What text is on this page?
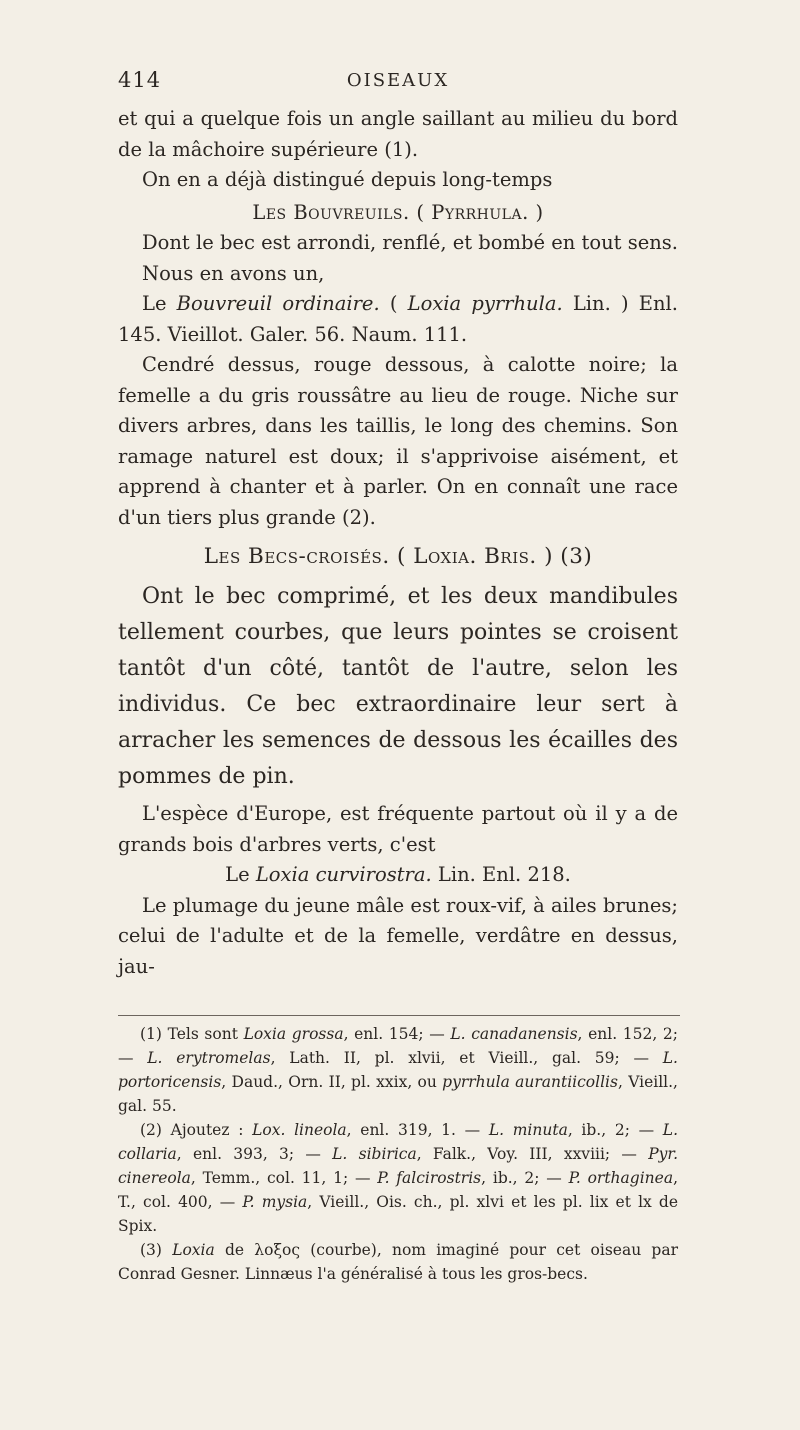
414	OISEAUX

et qui a quelque fois un angle saillant au milieu du bord de la mâchoire supérieure (1).

On en a déjà distingué depuis long-temps

Les Bouvreuils. ( Pyrrhula. )

Dont le bec est arrondi, renflé, et bombé en tout sens.

Nous en avons un,

Le Bouvreuil ordinaire. ( Loxia pyrrhula. Lin. ) Enl. 145. Vieillot. Galer. 56. Naum. 111.

Cendré dessus, rouge dessous, à calotte noire; la femelle a du gris roussâtre au lieu de rouge. Niche sur divers arbres, dans les taillis, le long des chemins. Son ramage naturel est doux; il s'apprivoise aisément, et apprend à chanter et à parler. On en connaît une race d'un tiers plus grande (2).

Les Becs-croisés. ( Loxia. Bris. ) (3)

Ont le bec comprimé, et les deux mandibules tellement courbes, que leurs pointes se croisent tantôt d'un côté, tantôt de l'autre, selon les individus. Ce bec extraordinaire leur sert à arracher les semences de dessous les écailles des pommes de pin.

L'espèce d'Europe, est fréquente partout où il y a de grands bois d'arbres verts, c'est

Le Loxia curvirostra. Lin. Enl. 218.

Le plumage du jeune mâle est roux-vif, à ailes brunes; celui de l'adulte et de la femelle, verdâtre en dessus, jau-

(1) Tels sont Loxia grossa, enl. 154; — L. canadanensis, enl. 152, 2; — L. erytromelas, Lath. II, pl. xlvii, et Vieill., gal. 59; — L. portoricensis, Daud., Orn. II, pl. xxix, ou pyrrhula aurantiicollis, Vieill., gal. 55.

(2) Ajoutez : Lox. lineola, enl. 319, 1. — L. minuta, ib., 2; — L. collaria, enl. 393, 3; — L. sibirica, Falk., Voy. III, xxviii; — Pyr. cinereola, Temm., col. 11, 1; — P. falcirostris, ib., 2; — P. orthaginea, T., col. 400, — P. mysia, Vieill., Ois. ch., pl. xlvi et les pl. lix et lx de Spix.

(3) Loxia de λοξος (courbe), nom imaginé pour cet oiseau par Conrad Gesner. Linnæus l'a généralisé à tous les gros-becs.
